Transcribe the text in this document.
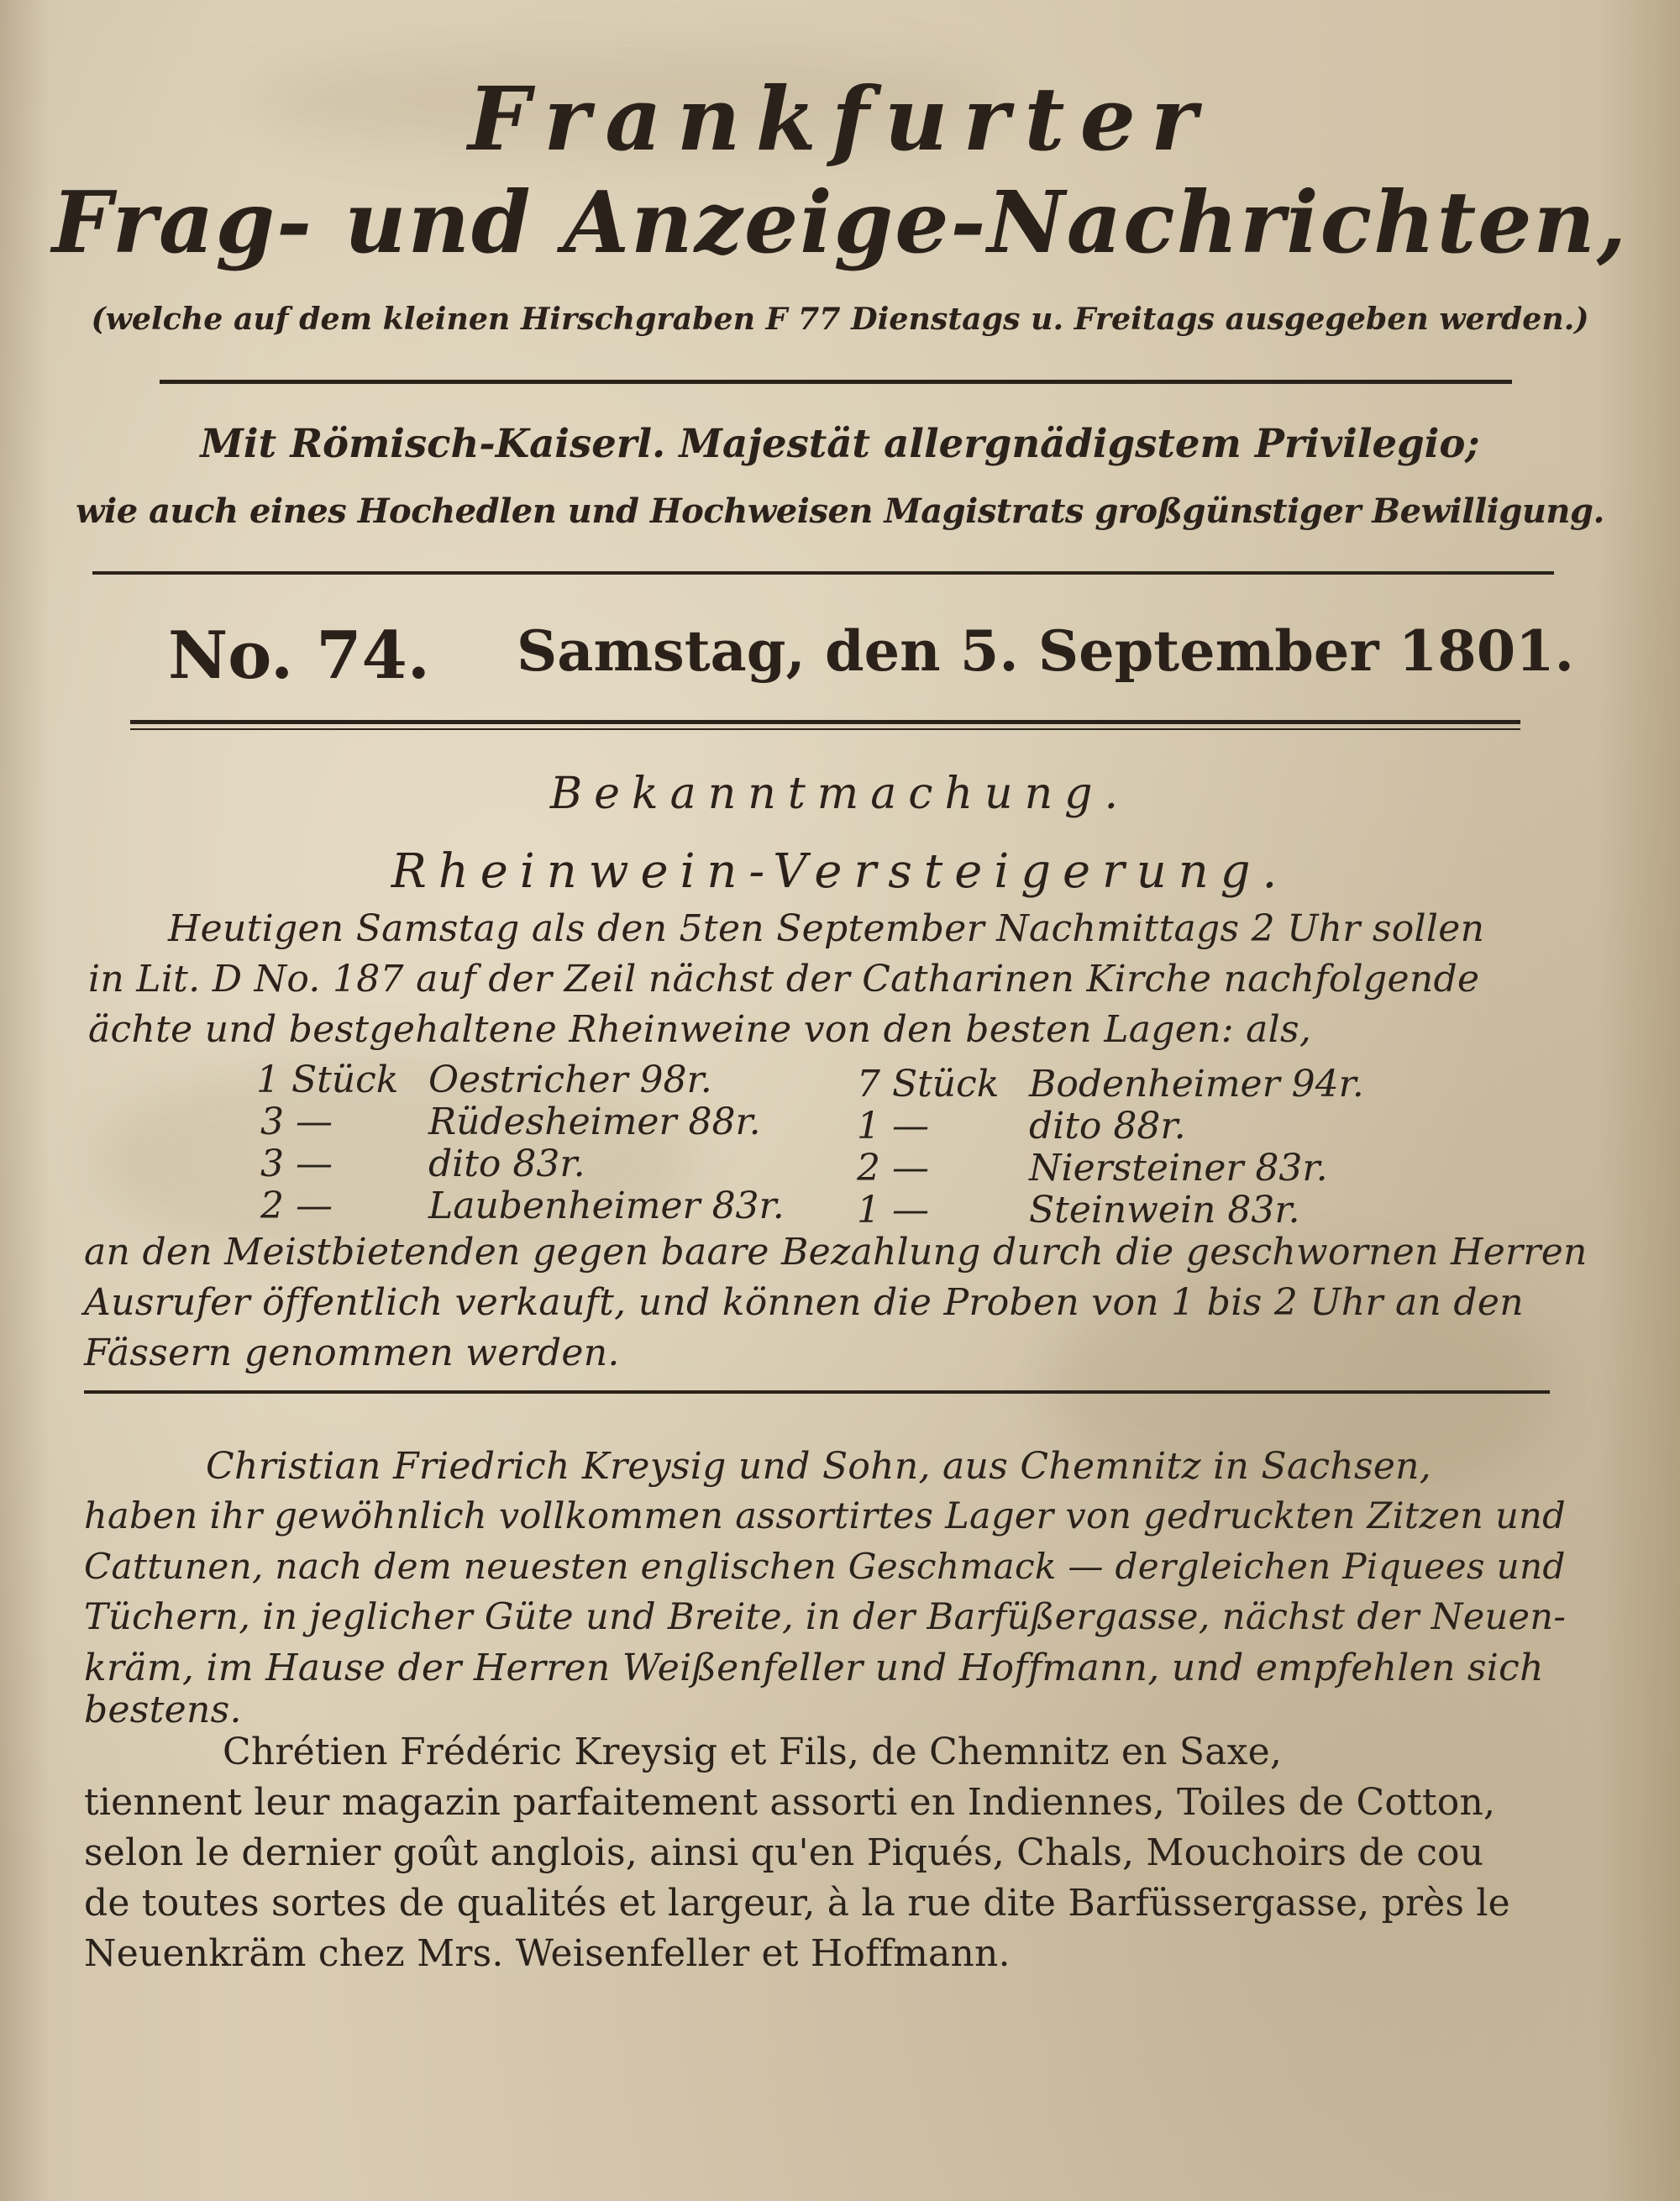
Frankfurter
Frag- und Anzeige-Nachrichten,
(welche auf dem kleinen Hirschgraben F 77 Dienstags u. Freitags ausgegeben werden.)
Mit Römisch-Kaiserl. Majestät allergnädigstem Privilegio;
wie auch eines Hochedlen und Hochweisen Magistrats großgünstiger Bewilligung.
No. 74. Samstag, den 5. September 1801.
Bekanntmachung.
Rheinwein-Versteigerung.
Heutigen Samstag als den 5ten September Nachmittags 2 Uhr sollen
in Lit. D No. 187 auf der Zeil nächst der Catharinen Kirche nachfolgende
ächte und bestgehaltene Rheinweine von den besten Lagen: als,
1 Stück Oestricher 98r.
3 —	Rüdesheimer 88r.
3 —	dito 83r.
2 —	Laubenheimer 83r.
7 Stück Bodenheimer 94r.
1 —	dito 88r.
2 —	Niersteiner 83r.
1 —	Steinwein 83r.
an den Meistbietenden gegen baare Bezahlung durch die geschwornen Herren
Ausrufer öffentlich verkauft, und können die Proben von 1 bis 2 Uhr an den
Fässern genommen werden.
Christian Friedrich Kreysig und Sohn, aus Chemnitz in Sachsen,
haben ihr gewöhnlich vollkommen assortirtes Lager von gedruckten Zitzen und
Cattunen, nach dem neuesten englischen Geschmack — dergleichen Piquees und
Tüchern, in jeglicher Güte und Breite, in der Barfüßergasse, nächst der Neuen-
kräm, im Hause der Herren Weißenfeller und Hoffmann, und empfehlen sich
bestens.
Chrétien Frédéric Kreysig et Fils, de Chemnitz en Saxe,
tiennent leur magazin parfaitement assorti en Indiennes, Toiles de Cotton,
selon le dernier goût anglois, ainsi qu'en Piqués, Chals, Mouchoirs de cou
de toutes sortes de qualités et largeur, à la rue dite Barfüssergasse, près le
Neuenkräm chez Mrs. Weisenfeller et Hoffmann.
